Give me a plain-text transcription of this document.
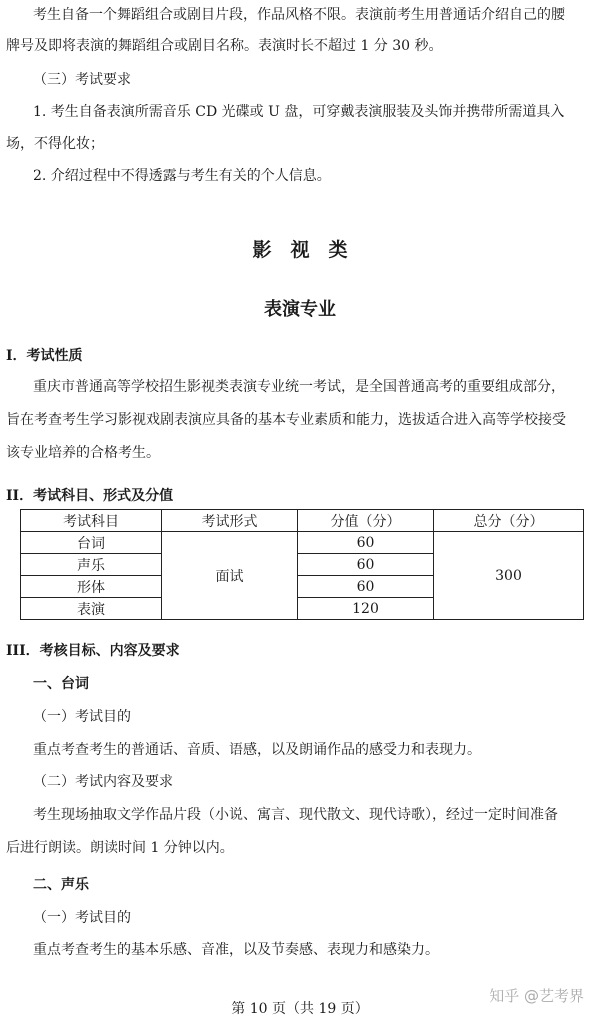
考生自备一个舞蹈组合或剧目片段，作品风格不限。表演前考生用普通话介绍自己的腰
牌号及即将表演的舞蹈组合或剧目名称。表演时长不超过 1 分 30 秒。
（三）考试要求
1. 考生自备表演所需音乐 CD 光碟或 U 盘，可穿戴表演服装及头饰并携带所需道具入
场，不得化妆；
2. 介绍过程中不得透露与考生有关的个人信息。
影　视　类
表演专业
I．考试性质
重庆市普通高等学校招生影视类表演专业统一考试，是全国普通高考的重要组成部分，
旨在考查考生学习影视戏剧表演应具备的基本专业素质和能力，选拔适合进入高等学校接受
该专业培养的合格考生。
II．考试科目、形式及分值
考试科目	考试形式	分值（分）	总分（分）
台词	面试	60	300
声乐		60	
形体		60	
表演		120	
III．考核目标、内容及要求
一、台词
（一）考试目的
重点考查考生的普通话、音质、语感，以及朗诵作品的感受力和表现力。
（二）考试内容及要求
考生现场抽取文学作品片段（小说、寓言、现代散文、现代诗歌），经过一定时间准备
后进行朗读。朗读时间 1 分钟以内。
二、声乐
（一）考试目的
重点考查考生的基本乐感、音准，以及节奏感、表现力和感染力。
第 10 页（共 19 页）
知乎 @艺考界
